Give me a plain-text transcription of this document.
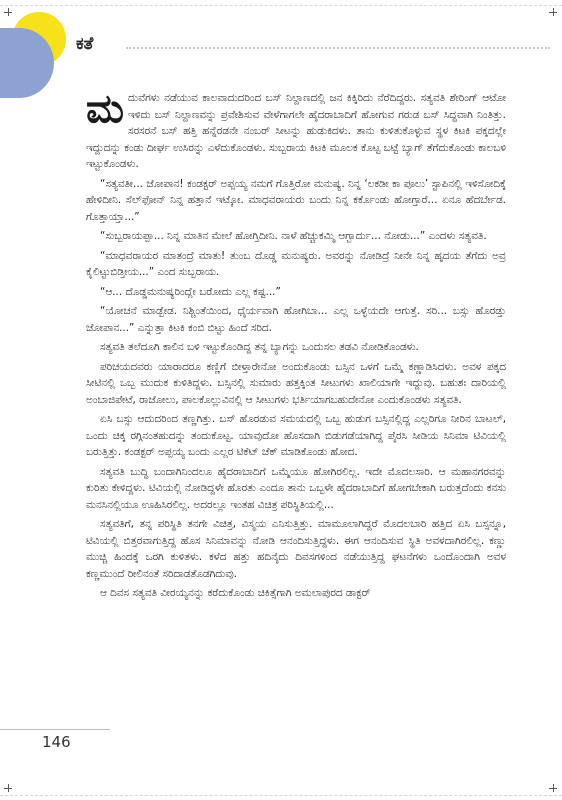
ಕತೆ

ಮದುವೆಗಳು ನಡೆಯುವ ಕಾಲವಾದುದರಿಂದ ಬಸ್ ನಿಲ್ದಾಣದಲ್ಲಿ ಜನ ಕಿಕ್ಕಿರಿದು ನೆರೆದಿದ್ದರು. ಸತ್ಯವತಿ ಶೇರಿಂಗ್ ಆಟೋ ಇಳಿದು ಬಸ್ ನಿಲ್ದಾಣವನ್ನು ಪ್ರವೇಶಿಸುವ ವೇಳೆಗಾಗಲೇ ಹೈದರಾಬಾದಿಗೆ ಹೋಗುವ ಗರುಡ ಬಸ್ ಸಿದ್ಧವಾಗಿ ನಿಂತಿತ್ತು. ಸರಸರನೆ ಬಸ್ ಹತ್ತಿ ಹನ್ನೆರಡನೇ ನಂಬರ್ ಸೀಟನ್ನು ಹುಡುಕಿದಳು. ತಾನು ಕುಳಿತುಕೊಳ್ಳುವ ಸ್ಥಳ ಕಿಟಕಿ ಪಕ್ಕದಲ್ಲೇ ಇದ್ದುದನ್ನು ಕಂಡು ದೀರ್ಘ ಉಸಿರನ್ನು ಎಳೆದುಕೊಂಡಳು. ಸುಬ್ಬರಾಯ ಕಿಟಕಿ ಮೂಲಕ ಕೊಟ್ಟ ಬಟ್ಟೆ ಬ್ಯಾಗ್ ತೆಗೆದುಕೊಂಡು ಕಾಲಬಳಿ ಇಟ್ಟುಕೊಂಡಳು.

“ಸತ್ಯವತೀ... ಜೋಪಾನ! ಕಂಡಕ್ಟರ್ ಅಪ್ಪಯ್ಯ ನಮಗೆ ಗೊತ್ತಿರೋ ಮನುಷ್ಯ. ನಿನ್ನ ‘ಲಕಡೀ ಕಾ ಪೂಲು’ ಸ್ಟಾಪಿನಲ್ಲಿ ಇಳಿಸೋದಿಕ್ಕೆ ಹೇಳಿದೀನಿ. ಸೆಲ್‌ಫೋನ್ ನಿನ್ನ ಹತ್ತಾನೆ ಇಟ್ಕೋ. ಮಾಧವರಾಯರು ಬಂದು ನಿನ್ನ ಕರ್ಕೊಂಡು ಹೋಗ್ತಾರೆ... ಏನೂ ಹೆದರ್ಬೇಡ. ಗೊತ್ತಾಯ್ತಾ...”

“ಸುಬ್ಬರಾಯಪ್ಪಾ... ನಿನ್ನ ಮಾತಿನ ಮೇಲೆ ಹೋಗ್ತಿದೀನಿ. ನಾಳೆ ಹೆಚ್ಚುಕಮ್ಮಿ ಆಗ್ಬಾರ್ದು... ನೋಡು...” ಎಂದಳು ಸತ್ಯವತಿ.

“ಮಾಧವರಾಯರ ಮಾತಂದ್ರೆ ಮಾತು! ತುಂಬ ದೊಡ್ಡ ಮನುಷ್ಯರು. ಅವರನ್ನು ನೋಡಿದ್ರೆ ನೀನೇ ನಿನ್ನ ಹೃದಯ ತೆಗೆದು ಅವ್ರ ಕೈಲಿಟ್ಟುಬಿಡ್ತೀಯ...” ಎಂದ ಸುಬ್ಬರಾಯ.

“ಆ... ದೊಡ್ಡಮನುಷ್ಯರಿಂದ್ಲೇ ಬರೋದು ಎಲ್ಲ ಕಷ್ಟ...”

“ಯೋಚನೆ ಮಾಡ್ಬೇಡ. ನಿಶ್ಚಿಂತೆಯಿಂದ, ಧೈರ್ಯವಾಗಿ ಹೋಗಿಬಾ... ಎಲ್ಲ ಒಳ್ಳೆಯದೇ ಆಗುತ್ತೆ. ಸರಿ... ಬಸ್ಸು ಹೊರಡ್ತು ಜೋಪಾನ...” ಎನ್ನುತ್ತಾ ಕಿಟಕಿ ಕಂಬಿ ಬಿಟ್ಟು ಹಿಂದೆ ಸರಿದ.

ಸತ್ಯವತಿ ತಲೆದೂಗಿ ಕಾಲಿನ ಬಳಿ ಇಟ್ಟುಕೊಂಡಿದ್ದ ತನ್ನ ಬ್ಯಾಗನ್ನು ಒಂದುಸಲ ತಡವಿ ನೋಡಿಕೊಂಡಳು.

ಪರಿಚಯದವರು ಯಾರಾದರೂ ಕಣ್ಣಿಗೆ ಬೀಳ್ತಾರೇನೋ ಅಂದುಕೊಂಡು ಬಸ್ಸಿನ ಒಳಗೆ ಒಮ್ಮೆ ಕಣ್ಣಾಡಿಸಿದಳು. ಅವಳ ಪಕ್ಕದ ಸೀಟಿನಲ್ಲಿ ಒಬ್ಬ ಮುದುಕ ಕುಳಿತಿದ್ದಳು. ಬಸ್ಸಿನಲ್ಲಿ ಸುಮಾರು ಹತ್ತಕ್ಕಿಂತ ಸೀಟುಗಳು ಖಾಲಿಯಾಗೇ ಇದ್ದುವು. ಬಹುಶಃ ದಾರಿಯಲ್ಲಿ ಅಂಬಾಜಿಪೇಟೆ, ರಾಜೋಲು, ಪಾಲಕೊಲ್ಲುವಿನಲ್ಲಿ ಆ ಸೀಟುಗಳು ಭರ್ತಿಯಾಗಬಹುದೇನೋ ಎಂದುಕೊಂಡಳು ಸತ್ಯವತಿ.

ಏಸಿ ಬಸ್ಸು ಆದುದರಿಂದ ತಣ್ಣಗಿತ್ತು. ಬಸ್ ಹೊರಡುವ ಸಮಯದಲ್ಲಿ ಒಬ್ಬ ಹುಡುಗ ಬಸ್ಸಿನಲ್ಲಿದ್ದ ಎಲ್ಲರಿಗೂ ನೀರಿನ ಬಾಟಲ್, ಒಂದು ಚಿಕ್ಕ ರಗ್ಗಿನಂತಹುದನ್ನು ತಂದುಕೊಟ್ಟ. ಯಾವುದೋ ಹೊಸದಾಗಿ ಬಿಡುಗಡೆಯಾಗಿದ್ದ ಪೈರಸಿ ಸೀಡಿಯ ಸಿನಿಮಾ ಟಿವಿಯಲ್ಲಿ ಬರುತ್ತಿತ್ತು. ಕಂಡಕ್ಟರ್ ಅಪ್ಪಯ್ಯ ಬಂದು ಎಲ್ಲರ ಟಿಕೆಟ್ ಚೆಕ್ ಮಾಡಿಕೊಂಡು ಹೋದ.

ಸತ್ಯವತಿ ಬುದ್ಧಿ ಬಂದಾಗಿನಿಂದಲೂ ಹೈದರಾಬಾದಿಗೆ ಒಮ್ಮೆಯೂ ಹೋಗಿರಲಿಲ್ಲ. ಇದೇ ಮೊದಲಸಾರಿ. ಆ ಮಹಾನಗರವನ್ನು ಕುರಿತು ಕೇಳಿದ್ದಳು. ಟಿವಿಯಲ್ಲಿ ನೋಡಿದ್ದಳೇ ಹೊರತು ಎಂದೂ ತಾನು ಒಬ್ಬಳೇ ಹೈದರಾಬಾದಿಗೆ ಹೋಗಬೇಕಾಗಿ ಬರುತ್ತದೆಂದು ಕನಸು ಮನಸಿನಲ್ಲಿಯೂ ಊಹಿಸಿರಲಿಲ್ಲ. ಅದರಲ್ಲೂ ಇಂತಹ ವಿಚಿತ್ರ ಪರಿಸ್ಥಿತಿಯಲ್ಲಿ...

ಸತ್ಯವತಿಗೆ, ತನ್ನ ಪರಿಸ್ಥಿತಿ ತನಗೇ ವಿಚಿತ್ರ, ವಿಸ್ಮಯ ಎನಿಸುತ್ತಿತ್ತು. ಮಾಮೂಲಾಗಿದ್ದರೆ ಮೊದಲಬಾರಿ ಹತ್ತಿದ ಏಸಿ ಬಸ್ಸನ್ನೂ, ಟಿವಿಯಲ್ಲಿ ಬಿತ್ತರವಾಗುತ್ತಿದ್ದ ಹೊಸ ಸಿನಿಮಾವನ್ನು ನೋಡಿ ಆನಂದಿಸುತ್ತಿದ್ದಳು. ಈಗ ಆನಂದಿಸುವ ಸ್ಥಿತಿ ಅವಳದಾಗಿರಲಿಲ್ಲ. ಕಣ್ಣು ಮುಚ್ಚಿ ಹಿಂದಕ್ಕೆ ಒರಗಿ ಕುಳಿತಳು. ಕಳೆದ ಹತ್ತು ಹದಿನೈದು ದಿವಸಗಳಿಂದ ನಡೆಯುತ್ತಿದ್ದ ಘಟನೆಗಳು ಒಂದೊಂದಾಗಿ ಅವಳ ಕಣ್ಣಮುಂದೆ ರೀಲಿನಂತೆ ಸರಿದಾಡತೊಡಗಿದುವು.

ಆ ದಿವಸ ಸತ್ಯವತಿ ವೀರಯ್ಯನನ್ನು ಕರೆದುಕೊಂಡು ಚಿಕಿತ್ಸೆಗಾಗಿ ಅಮಲಾಪುರದ ಡಾಕ್ಟರ್

146
